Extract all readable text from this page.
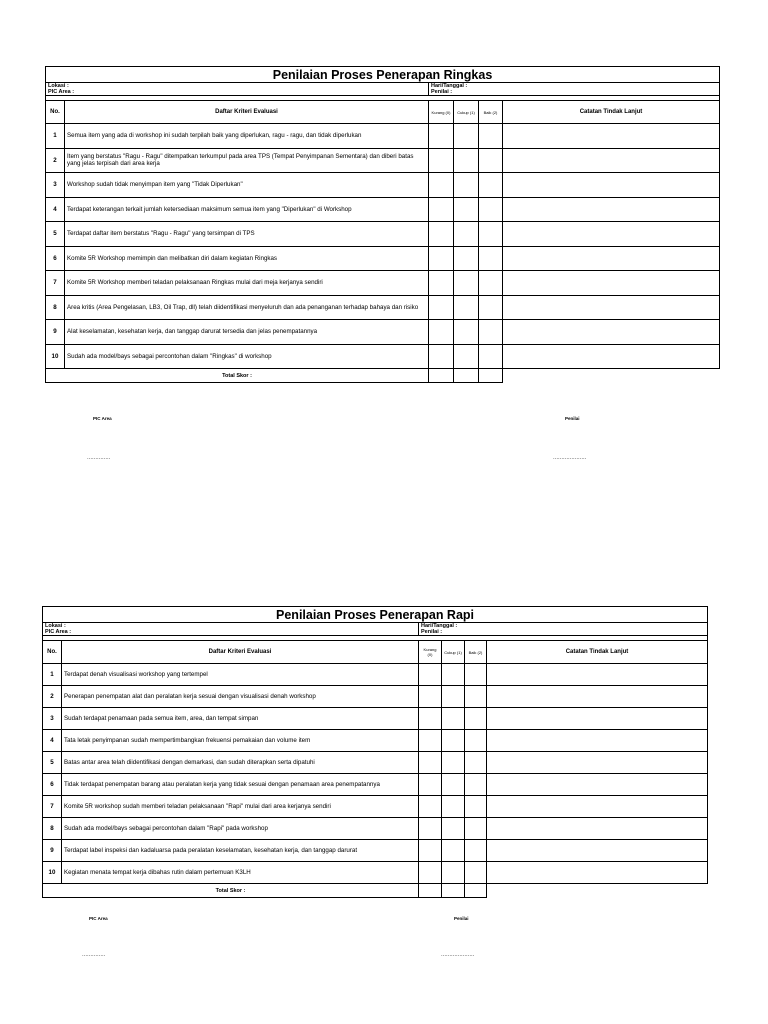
Penilaian Proses Penerapan Ringkas					
Lokasi :		Hari/Tanggal :			
PIC Area :		Penilai :			

No.	Daftar Kriteri Evaluasi	Kurang (0)	Cukup (1)	Baik (2)	Catatan Tindak Lanjut
1	Semua item yang ada di workshop ini sudah terpilah baik yang diperlukan, ragu - ragu, dan tidak diperlukan				
2	Item yang berstatus "Ragu - Ragu" ditempatkan terkumpul pada area TPS (Tempat Penyimpanan Sementara) dan diberi batas yang jelas terpisah dari area kerja				
3	Workshop sudah tidak menyimpan item yang "Tidak Diperlukan"				
4	Terdapat keterangan terkait jumlah ketersediaan maksimum semua item yang "Diperlukan" di Workshop				
5	Terdapat daftar item berstatus "Ragu - Ragu" yang tersimpan di TPS				
6	Komite 5R Workshop memimpin dan melibatkan diri dalam kegiatan Ringkas				
7	Komite 5R Workshop memberi teladan pelaksanaan Ringkas mulai dari meja kerjanya sendiri				
8	Area kritis (Area Pengelasan, LB3, Oil Trap, dll) telah diidentifikasi menyeluruh dan ada penanganan terhadap bahaya dan risiko				
9	Alat keselamatan, kesehatan kerja, dan tanggap darurat tersedia dan jelas penempatannya				
10	Sudah ada model/bays sebagai percontohan dalam "Ringkas" di workshop				
Total Skor :					
PIC Area	Penilai
..............	....................
Penilaian Proses Penerapan Rapi					
Lokasi :		Hari/Tanggal :			
PIC Area :		Penilai :			

No.	Daftar Kriteri Evaluasi	Kurang (0)	Cukup (1)	Baik (2)	Catatan Tindak Lanjut
1	Terdapat denah visualisasi workshop yang tertempel				
2	Penerapan penempatan alat dan peralatan kerja sesuai dengan visualisasi denah workshop				
3	Sudah terdapat penamaan pada semua item, area, dan tempat simpan				
4	Tata letak penyimpanan sudah mempertimbangkan frekuensi pemakaian dan volume item				
5	Batas antar area telah diidentifikasi dengan demarkasi, dan sudah diterapkan serta dipatuhi				
6	Tidak terdapat penempatan barang atau peralatan kerja yang tidak sesuai dengan penamaan area penempatannya				
7	Komite 5R workshop sudah memberi teladan pelaksanaan "Rapi" mulai dari area kerjanya sendiri				
8	Sudah ada model/bays sebagai percontohan dalam "Rapi" pada workshop				
9	Terdapat label inspeksi dan kadaluarsa pada peralatan keselamatan, kesehatan kerja, dan tanggap darurat				
10	Kegiatan menata tempat kerja dibahas rutin dalam pertemuan K3LH				
Total Skor :					
PIC Area	Penilai
..............	....................
